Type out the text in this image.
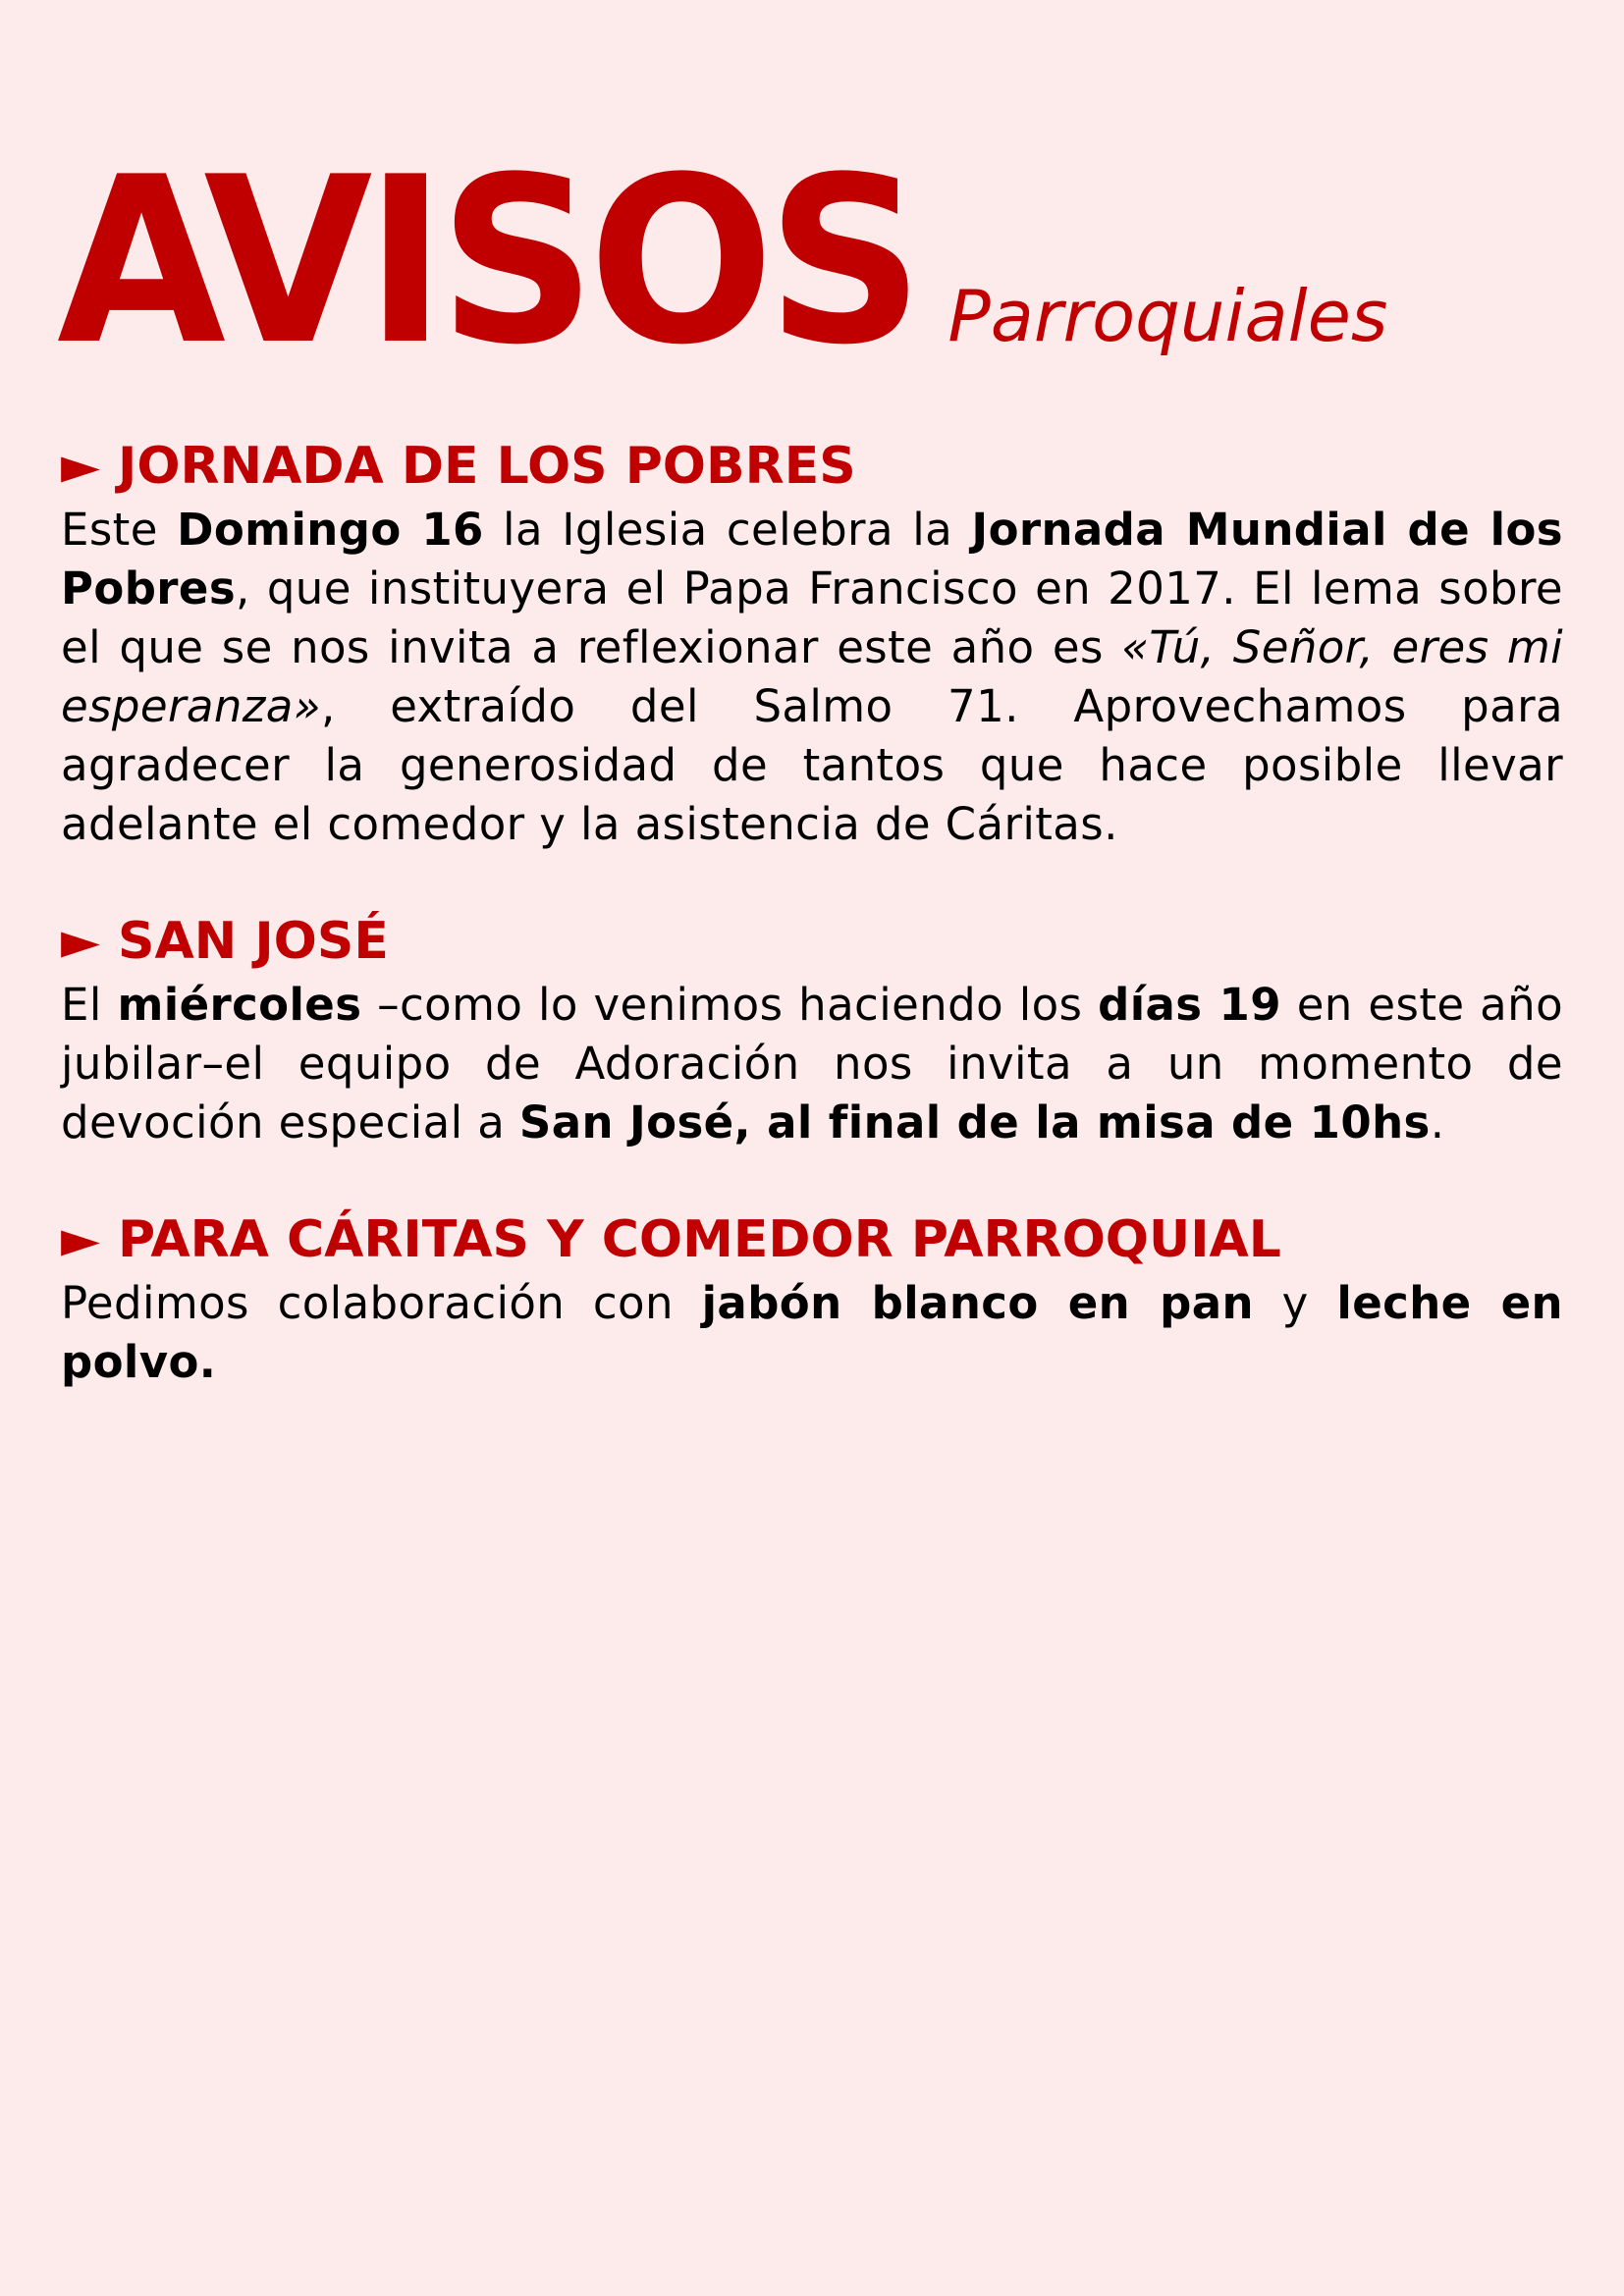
AVISOS Parroquiales
► JORNADA DE LOS POBRES

Este Domingo 16 la Iglesia celebra la Jornada Mundial de los Pobres, que instituyera el Papa Francisco en 2017. El lema sobre el que se nos invita a reflexionar este año es «Tú, Señor, eres mi esperanza», extraído del Salmo 71. Aprovechamos para agradecer la generosidad de tantos que hace posible llevar adelante el comedor y la asistencia de Cáritas.

► SAN JOSÉ

El miércoles –como lo venimos haciendo los días 19 en este año jubilar–el equipo de Adoración nos invita a un momento de devoción especial a San José, al final de la misa de 10hs.

► PARA CÁRITAS Y COMEDOR PARROQUIAL

Pedimos colaboración con jabón blanco en pan y leche en polvo.
